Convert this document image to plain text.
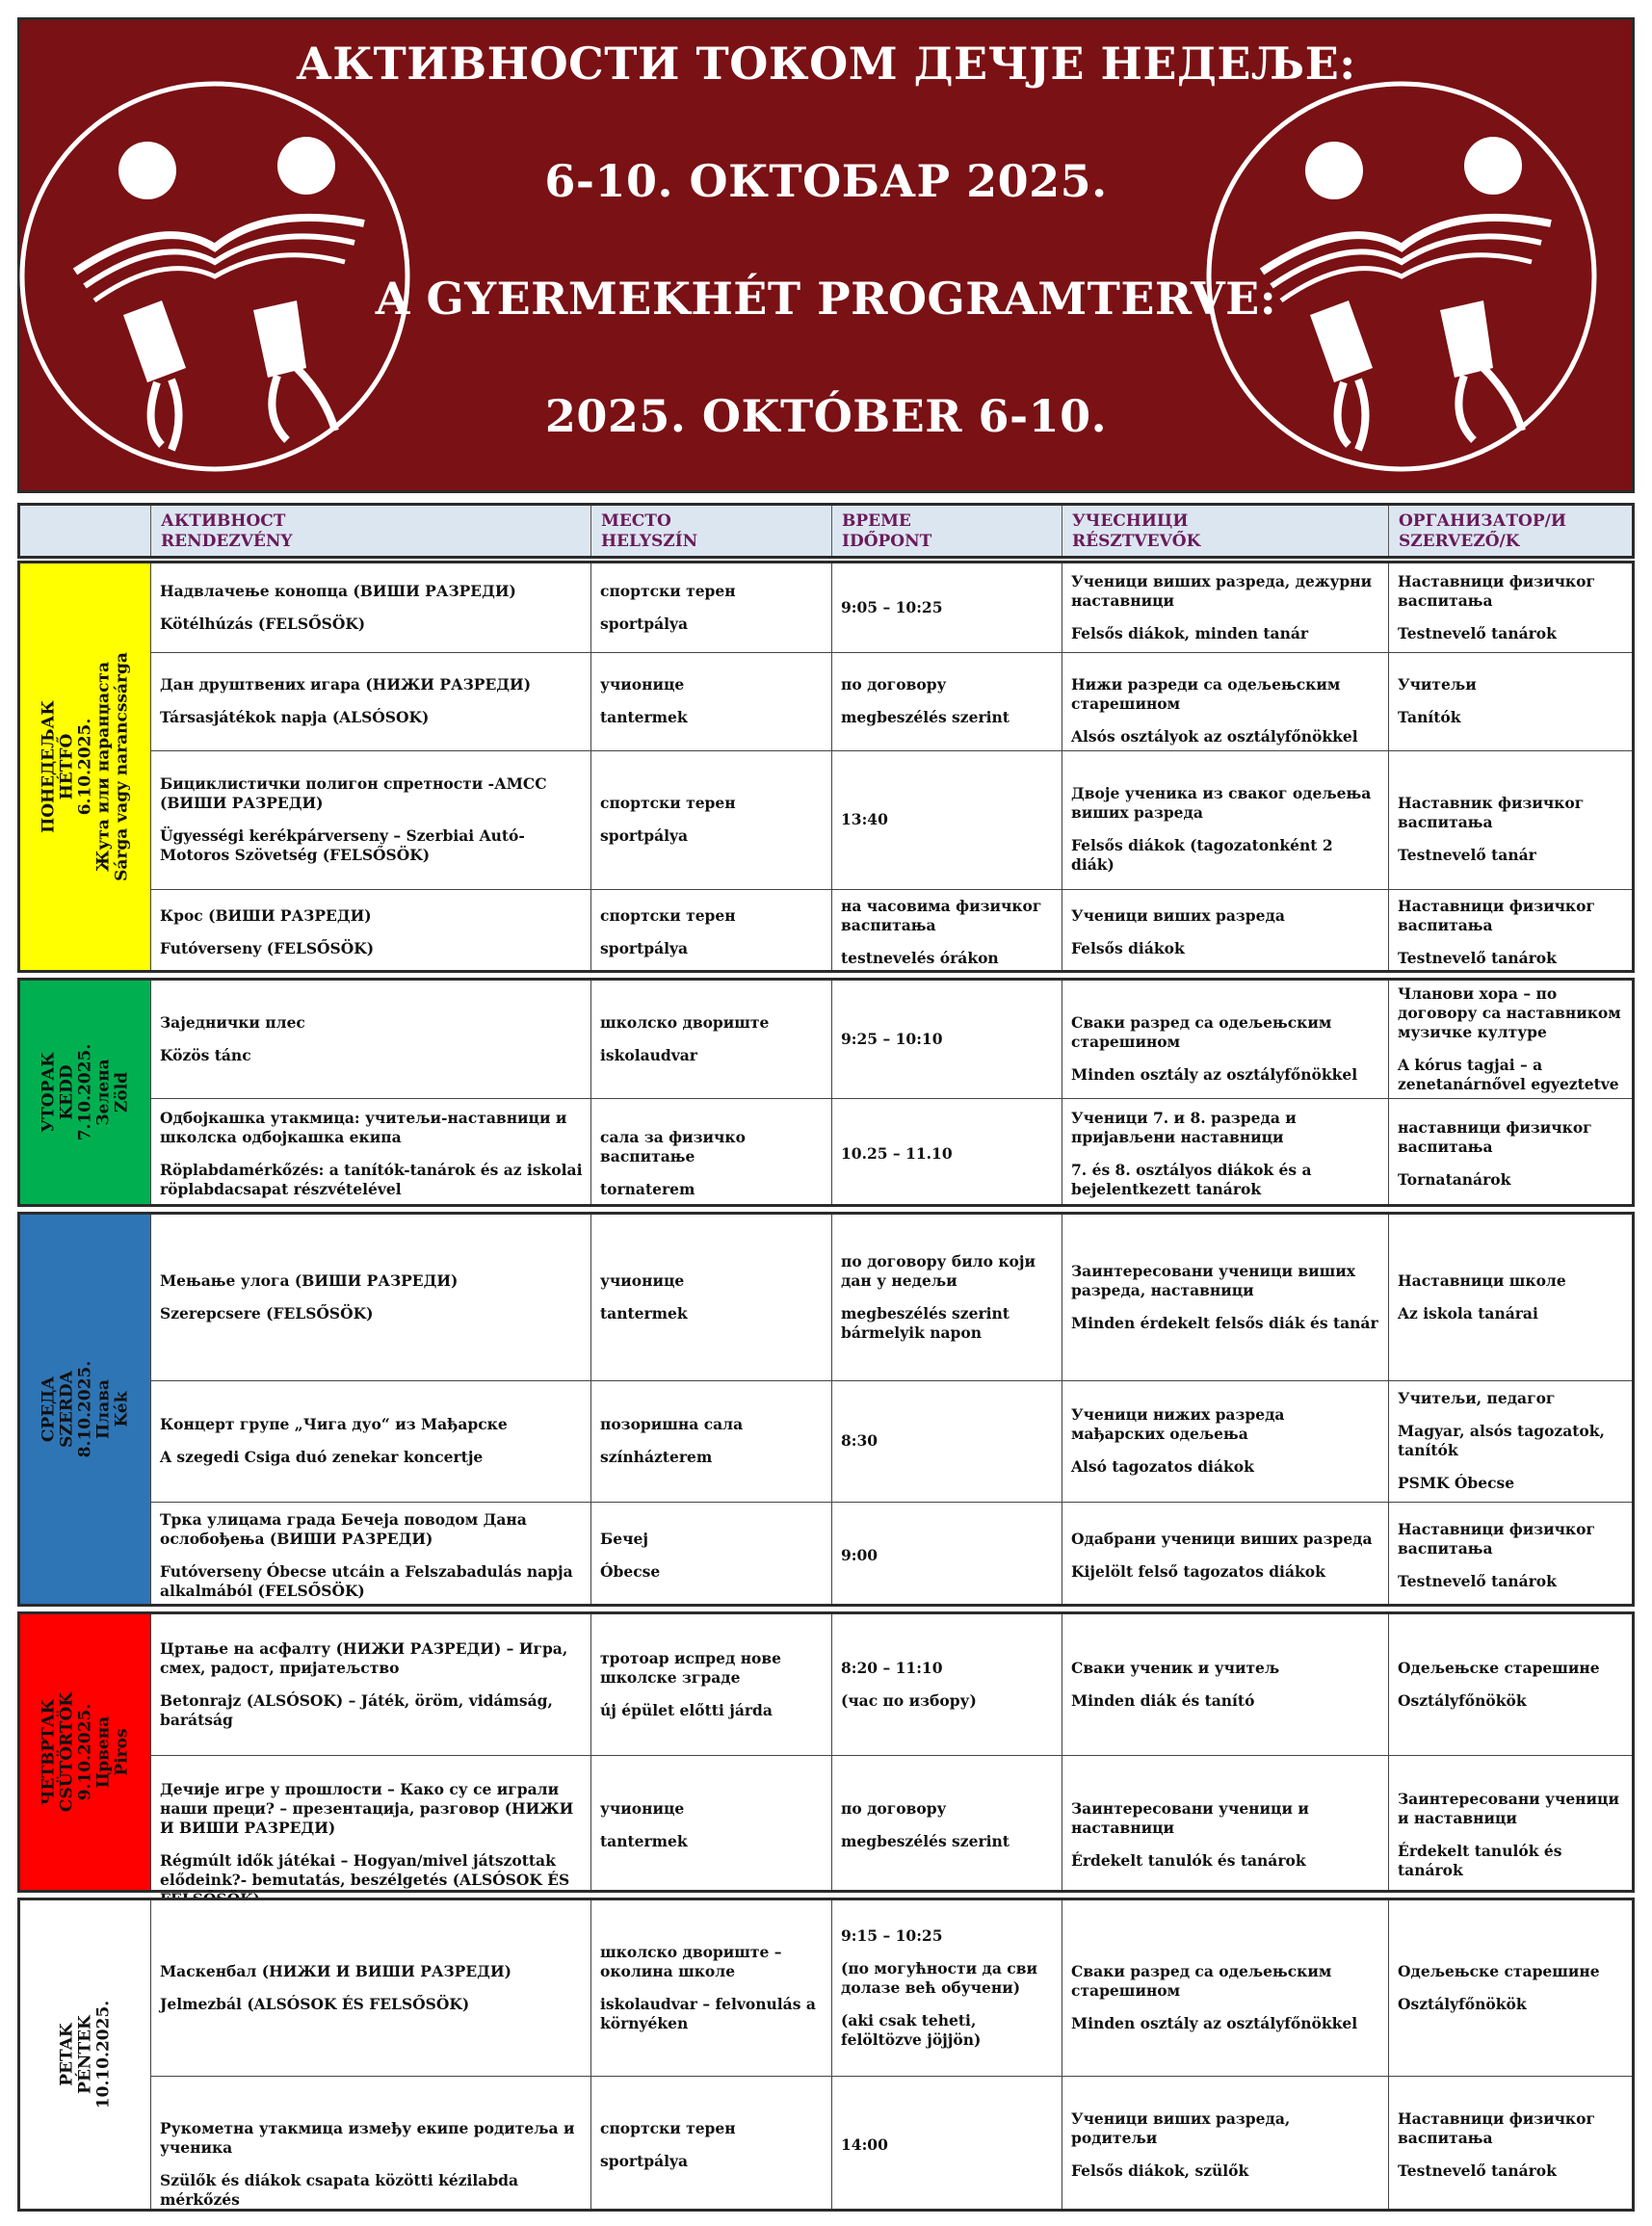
АКТИВНОСТИ ТОКОМ ДЕЧЈЕ НЕДЕЉЕ:
6-10. ОКТОБАР 2025.
A GYERMEKHÉT PROGRAMTERVE:
2025. OKTÓBER 6-10.
АКТИВНОСТ
RENDEZVÉNY
МЕСТО
HELYSZÍN
ВРЕМЕ
IDŐPONT
УЧЕСНИЦИ
RÉSZTVEVŐK
ОРГАНИЗАТОР/И
SZERVEZŐ/K
ПОНЕДЕЉАК HÉTFŐ 6.10.2025. Жута или наранџаста Sárga vagy narancssárga
Надвлачење конопца (ВИШИ РАЗРЕДИ)
Kötélhúzás (FELSŐSÖK)
спортски терен
sportpálya
9:05 – 10:25
Ученици виших разреда, дежурни наставници
Felsős diákok, minden tanár
Наставници физичког васпитања
Testnevelő tanárok
Дан друштвених игара (НИЖИ РАЗРЕДИ)
Társasjátékok napja (ALSÓSOK)
учионице
tantermek
по договору
megbeszélés szerint
Нижи разреди са одељењским старешином
Alsós osztályok az osztályfőnökkel
Учитељи
Tanítók
Бициклистички полигон спретности -АМСС (ВИШИ РАЗРЕДИ)
Ügyességi kerékpárverseny – Szerbiai Autó-Motoros Szövetség (FELSŐSÖK)
спортски терен
sportpálya
13:40
Двоје ученика из сваког одељења виших разреда
Felsős diákok (tagozatonként 2 diák)
Наставник физичког васпитања
Testnevelő tanár
Крос (ВИШИ РАЗРЕДИ)
Futóverseny (FELSŐSÖK)
спортски терен
sportpálya
на часовима физичког васпитања
testnevelés órákon
Ученици виших разреда
Felsős diákok
Наставници физичког васпитања
Testnevelő tanárok
УТОРАК KEDD 7.10.2025. Зелена Zöld
Заједнички плес
Közös tánc
школско двориште
iskolaudvar
9:25 – 10:10
Сваки разред са одељењским старешином
Minden osztály az osztályfőnökkel
Чланови хора – по договору са наставником музичке културе
A kórus tagjai – a zenetanárnővel egyeztetve
Одбојкашка утакмица: учитељи-наставници и школска одбојкашка екипа
Röplabdamérkőzés: a tanítók-tanárok és az iskolai röplabdacsapat részvételével
сала за физичко васпитање
tornaterem
10.25 – 11.10
Ученици 7. и 8. разреда и пријављени наставници
7. és 8. osztályos diákok és a bejelentkezett tanárok
наставници физичког васпитања
Tornatanárok
СРЕДА SZERDA 8.10.2025. Плава Kék
Мењање улога (ВИШИ РАЗРЕДИ)
Szerepcsere (FELSŐSÖK)
учионице
tantermek
по договору било који дан у недељи
megbeszélés szerint bármelyik napon
Заинтересовани ученици виших разреда, наставници
Minden érdekelt felsős diák és tanár
Наставници школе
Az iskola tanárai
Концерт групе „Чига дуо“ из Мађарске
A szegedi Csiga duó zenekar koncertje
позоришна сала
színházterem
8:30
Ученици нижих разреда мађарских одељења
Alsó tagozatos diákok
Учитељи, педагог
Magyar, alsós tagozatok, tanítók
PSMK Óbecse
Трка улицама града Бечеја поводом Дана ослобођења (ВИШИ РАЗРЕДИ)
Futóverseny Óbecse utcáin a Felszabadulás napja alkalmából (FELSŐSÖK)
Бечеј
Óbecse
9:00
Одабрани ученици виших разреда
Kijelölt felső tagozatos diákok
Наставници физичког васпитања
Testnevelő tanárok
ЧЕТВРТАК CSÜTÖRTÖK 9.10.2025. Црвена Piros
Цртање на асфалту (НИЖИ РАЗРЕДИ) – Игра, смех, радост, пријатељство
Betonrajz (ALSÓSOK) – Játék, öröm, vidámság, barátság
тротоар испред нове школске зграде
új épület előtti járda
8:20 – 11:10
(час по избору)
Сваки ученик и учитељ
Minden diák és tanító
Одељењске старешине
Osztályfőnökök
Дечије игре у прошлости – Како су се играли наши преци? – презентација, разговор (НИЖИ И ВИШИ РАЗРЕДИ)
Régmúlt idők játékai – Hogyan/mivel játszottak elődeink?- bemutatás, beszélgetés (ALSÓSOK ÉS
учионице
tantermek
по договору
megbeszélés szerint
Заинтересовани ученици и наставници
Érdekelt tanulók és tanárok
Заинтересовани ученици и наставници
Érdekelt tanulók és tanárok
PETAK PÉNTEK 10.10.2025.
Маскенбал (НИЖИ И ВИШИ РАЗРЕДИ)
Jelmezbál (ALSÓSOK ÉS FELSŐSÖK)
школско двориште – околина школе
iskolaudvar – felvonulás a környéken
9:15 – 10:25
(по могућности да сви долазе већ обучени)
(aki csak teheti, felöltözve jöjjön)
Сваки разред са одељењским старешином
Minden osztály az osztályfőnökkel
Одељењске старешине
Osztályfőnökök
Рукометна утакмица између екипе родитеља и ученика
Szülők és diákok csapata közötti kézilabda mérkőzés
спортски терен
sportpálya
14:00
Ученици виших разреда, родитељи
Felsős diákok, szülők
Наставници физичког васпитања
Testnevelő tanárok
